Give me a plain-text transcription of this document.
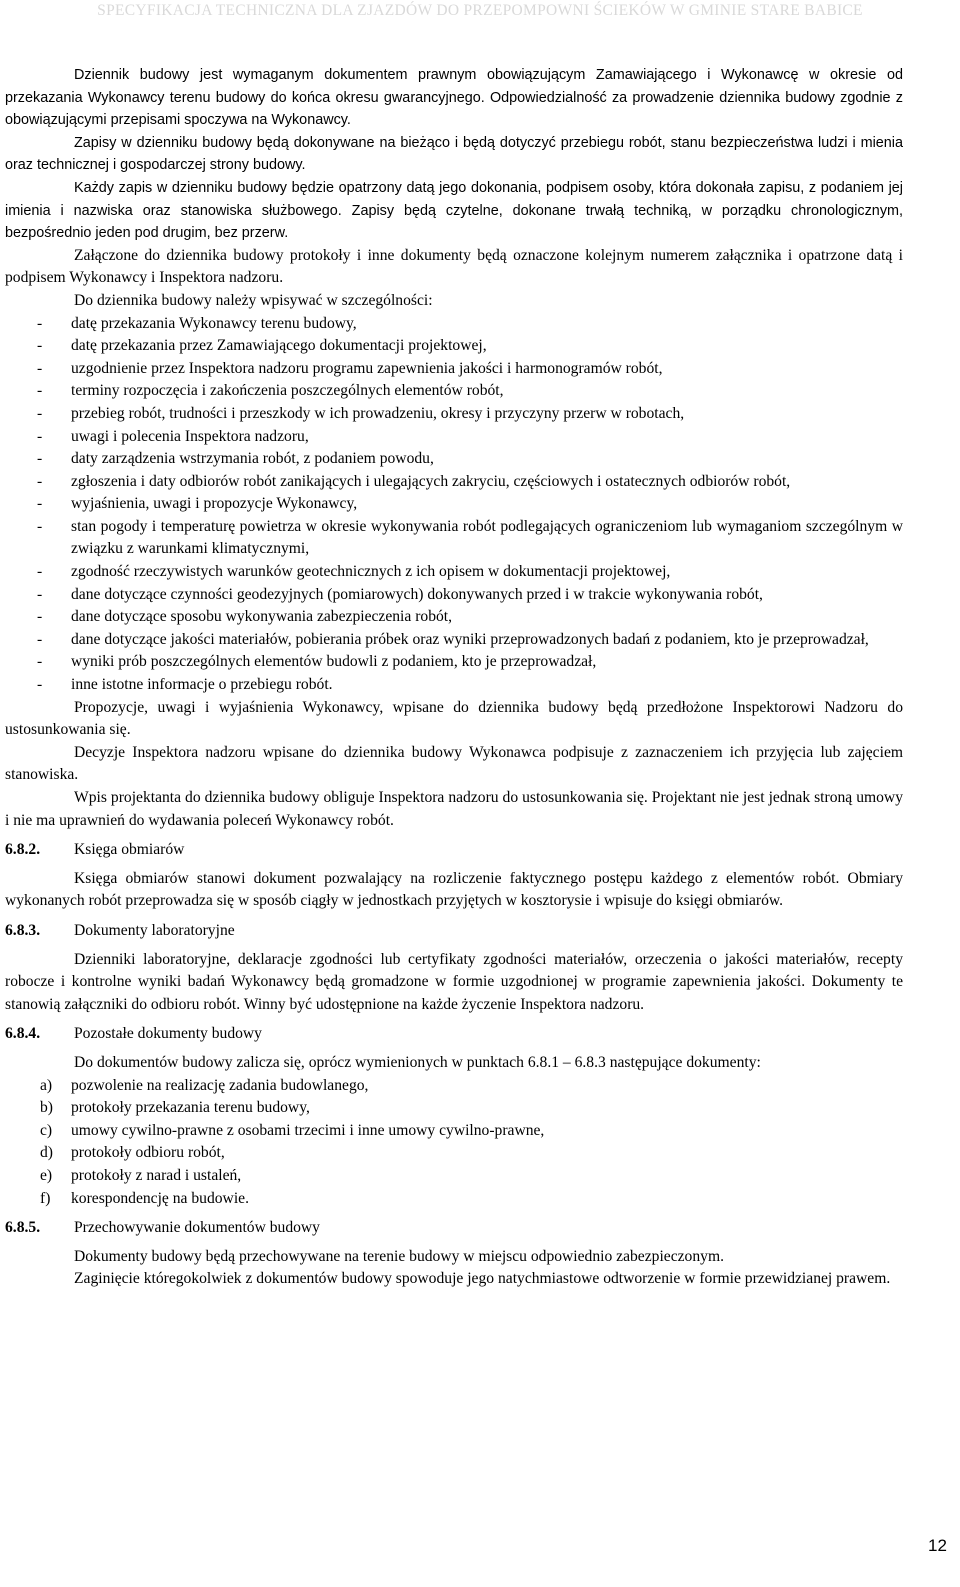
SPECYFIKACJA TECHNICZNA DLA ZJAZDÓW DO PRZEPOMPOWNI ŚCIEKÓW W GMINIE STARE BABICE

Dziennik budowy jest wymaganym dokumentem prawnym obowiązującym Zamawiającego i Wykonawcę w okresie od przekazania Wykonawcy terenu budowy do końca okresu gwarancyjnego. Odpowiedzialność za prowadzenie dziennika budowy zgodnie z obowiązującymi przepisami spoczywa na Wykonawcy.

Zapisy w dzienniku budowy będą dokonywane na bieżąco i będą dotyczyć przebiegu robót, stanu bezpieczeństwa ludzi i mienia oraz technicznej i gospodarczej strony budowy.

Każdy zapis w dzienniku budowy będzie opatrzony datą jego dokonania, podpisem osoby, która dokonała zapisu, z podaniem jej imienia i nazwiska oraz stanowiska służbowego. Zapisy będą czytelne, dokonane trwałą techniką, w porządku chronologicznym, bezpośrednio jeden pod drugim, bez przerw.

Załączone do dziennika budowy protokoły i inne dokumenty będą oznaczone kolejnym numerem załącznika i opatrzone datą i podpisem Wykonawcy i Inspektora nadzoru.

Do dziennika budowy należy wpisywać w szczególności:

- datę przekazania Wykonawcy terenu budowy,
- datę przekazania przez Zamawiającego dokumentacji projektowej,
- uzgodnienie przez Inspektora nadzoru programu zapewnienia jakości i harmonogramów robót,
- terminy rozpoczęcia i zakończenia poszczególnych elementów robót,
- przebieg robót, trudności i przeszkody w ich prowadzeniu, okresy i przyczyny przerw w robotach,
- uwagi i polecenia Inspektora nadzoru,
- daty zarządzenia wstrzymania robót, z podaniem powodu,
- zgłoszenia i daty odbiorów robót zanikających i ulegających zakryciu, częściowych i ostatecznych odbiorów robót,
- wyjaśnienia, uwagi i propozycje Wykonawcy,
- stan pogody i temperaturę powietrza w okresie wykonywania robót podlegających ograniczeniom lub wymaganiom szczególnym w związku z warunkami klimatycznymi,
- zgodność rzeczywistych warunków geotechnicznych z ich opisem w dokumentacji projektowej,
- dane dotyczące czynności geodezyjnych (pomiarowych) dokonywanych przed i w trakcie wykonywania robót,
- dane dotyczące sposobu wykonywania zabezpieczenia robót,
- dane dotyczące jakości materiałów, pobierania próbek oraz wyniki przeprowadzonych badań z podaniem, kto je przeprowadzał,
- wyniki prób poszczególnych elementów budowli z podaniem, kto je przeprowadzał,
- inne istotne informacje o przebiegu robót.

Propozycje, uwagi i wyjaśnienia Wykonawcy, wpisane do dziennika budowy będą przedłożone Inspektorowi Nadzoru do ustosunkowania się.

Decyzje Inspektora nadzoru wpisane do dziennika budowy Wykonawca podpisuje z zaznaczeniem ich przyjęcia lub zajęciem stanowiska.

Wpis projektanta do dziennika budowy obliguje Inspektora nadzoru do ustosunkowania się. Projektant nie jest jednak stroną umowy i nie ma uprawnień do wydawania poleceń Wykonawcy robót.

6.8.2.	Księga obmiarów

Księga obmiarów stanowi dokument pozwalający na rozliczenie faktycznego postępu każdego z elementów robót. Obmiary wykonanych robót przeprowadza się w sposób ciągły w jednostkach przyjętych w kosztorysie i wpisuje do księgi obmiarów.

6.8.3.	Dokumenty laboratoryjne

Dzienniki laboratoryjne, deklaracje zgodności lub certyfikaty zgodności materiałów, orzeczenia o jakości materiałów, recepty robocze i kontrolne wyniki badań Wykonawcy będą gromadzone w formie uzgodnionej w programie zapewnienia jakości. Dokumenty te stanowią załączniki do odbioru robót. Winny być udostępnione na każde życzenie Inspektora nadzoru.

6.8.4.	Pozostałe dokumenty budowy

Do dokumentów budowy zalicza się, oprócz wymienionych w punktach 6.8.1 – 6.8.3 następujące dokumenty:

a) pozwolenie na realizację zadania budowlanego,
b) protokoły przekazania terenu budowy,
c) umowy cywilno-prawne z osobami trzecimi i inne umowy cywilno-prawne,
d) protokoły odbioru robót,
e) protokoły z narad i ustaleń,
f) korespondencję na budowie.
6.8.5.	Przechowywanie dokumentów budowy

Dokumenty budowy będą przechowywane na terenie budowy w miejscu odpowiednio zabezpieczonym.

Zaginięcie któregokolwiek z dokumentów budowy spowoduje jego natychmiastowe odtworzenie w formie przewidzianej prawem.

12
